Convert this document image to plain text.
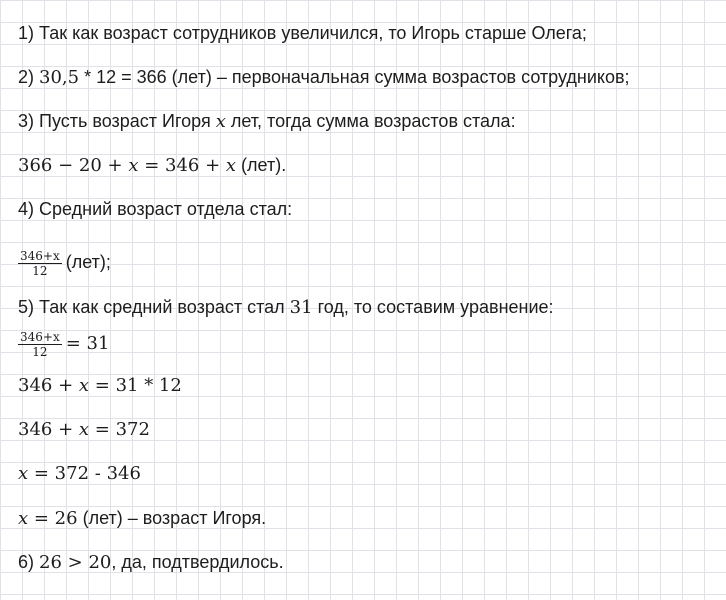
1) Так как возраст сотрудников увеличился, то Игорь старше Олега;
2) 30,5 * 12 = 366 (лет) – первоначальная сумма возрастов сотрудников;
3) Пусть возраст Игоря x лет, тогда сумма возрастов стала:
366 − 20 + x = 346 + x (лет).
4) Средний возраст отдела стал:
$\frac{346+x}{12} (лет)$;
5) Так как средний возраст стал 31 год, то составим уравнение:
$\frac{346+x}{12} = 31$
346 + x = 31 * 12
346 + x = 372
x = 372 - 346
x = 26 (лет) – возраст Игоря.
6) 26 > 20, да, подтвердилось.
